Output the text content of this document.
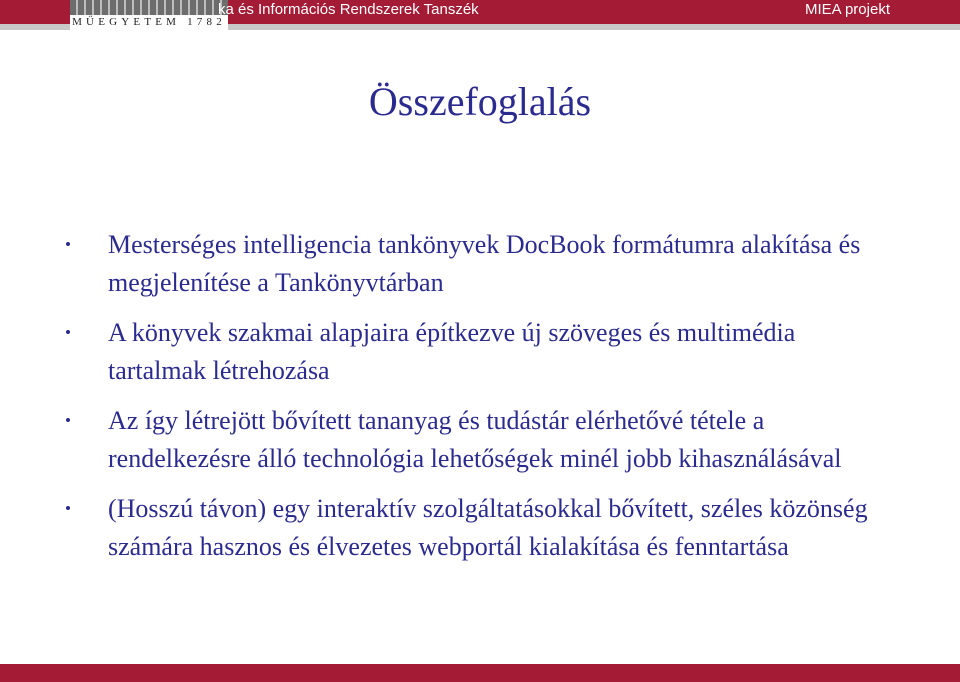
MŰEGYETEM 1782
ka és Információs Rendszerek Tanszék	MIEA projekt
Összefoglalás
Mesterséges intelligencia tankönyvek DocBook formátumra alakítása és megjelenítése a Tankönyvtárban
A könyvek szakmai alapjaira építkezve új szöveges és multimédia tartalmak létrehozása
Az így létrejött bővített tananyag és tudástár elérhetővé tétele a rendelkezésre álló technológia lehetőségek minél jobb kihasználásával
(Hosszú távon) egy interaktív szolgáltatásokkal bővített, széles közönség számára hasznos és élvezetes webportál kialakítása és fenntartása
